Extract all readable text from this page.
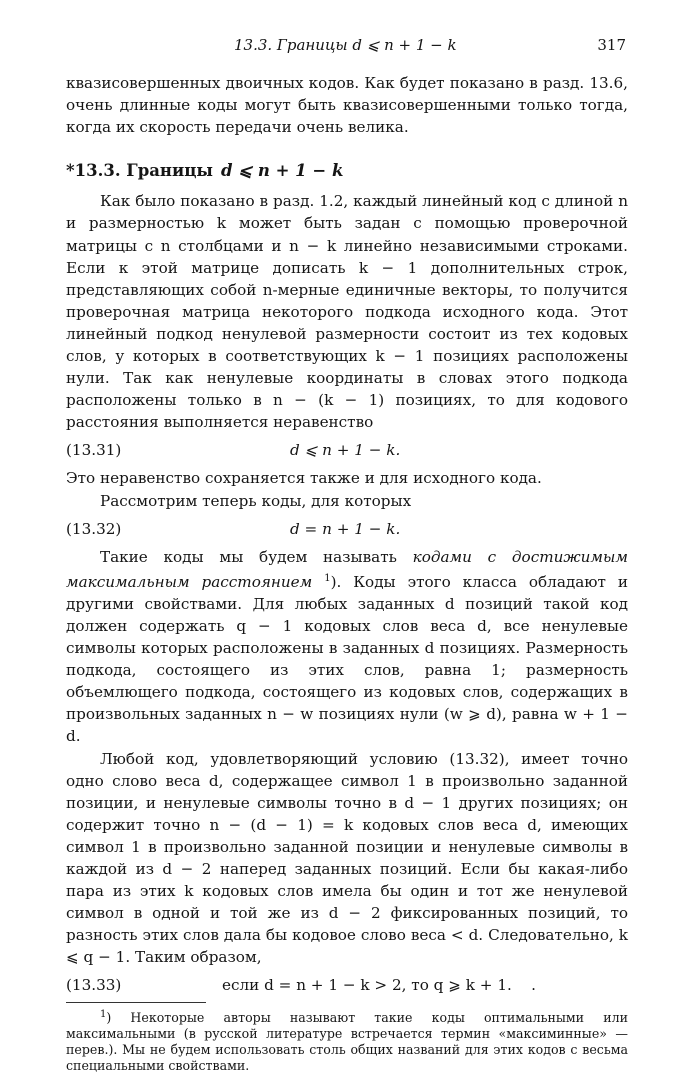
13.3. Границы d ⩽ n + 1 − k	317

квазисовершенных двоичных кодов. Как будет показано в разд. 13.6, очень длинные коды могут быть квазисовершенными только тогда, когда их скорость передачи очень велика.

*13.3. Границы d ⩽ n + 1 − k

Как было показано в разд. 1.2, каждый линейный код с длиной n и размерностью k может быть задан с помощью проверочной матрицы с n столбцами и n − k линейно независимыми строками. Если к этой матрице дописать k − 1 дополнительных строк, представляющих собой n-мерные единичные векторы, то получится проверочная матрица некоторого подкода исходного кода. Этот линейный подкод ненулевой размерности состоит из тех кодовых слов, у которых в соответствующих k − 1 позициях расположены нули. Так как ненулевые координаты в словах этого подкода расположены только в n − (k − 1) позициях, то для кодового расстояния выполняется неравенство

(13.31)	d ⩽ n + 1 − k.

Это неравенство сохраняется также и для исходного кода.

Рассмотрим теперь коды, для которых

(13.32)	d = n + 1 − k.

Такие коды мы будем называть кодами с достижимым максимальным расстоянием $^1$). Коды этого класса обладают и другими свойствами. Для любых заданных d позиций такой код должен содержать q − 1 кодовых слов веса d, все ненулевые символы которых расположены в заданных d позициях. Размерность подкода, состоящего из этих слов, равна 1; размерность объемлющего подкода, состоящего из кодовых слов, содержащих в произвольных заданных n − w позициях нули (w ⩾ d), равна w + 1 − d.

Любой код, удовлетворяющий условию (13.32), имеет точно одно слово веса d, содержащее символ 1 в произвольно заданной позиции, и ненулевые символы точно в d − 1 других позициях; он содержит точно n − (d − 1) = k кодовых слов веса d, имеющих символ 1 в произвольно заданной позиции и ненулевые символы в каждой из d − 2 наперед заданных позиций. Если бы какая-либо пара из этих k кодовых слов имела бы один и тот же ненулевой символ в одной и той же из d − 2 фиксированных позиций, то разность этих слов дала бы кодовое слово веса < d. Следовательно, k ⩽ q − 1. Таким образом,

(13.33)	если d = n + 1 − k > 2, то q ⩾ k + 1. .

$^1$) Некоторые авторы называют такие коды оптимальными или максимальными (в русской литературе встречается термин «максиминные» — перев.). Мы не будем использовать столь общих названий для этих кодов с весьма специальными свойствами.
